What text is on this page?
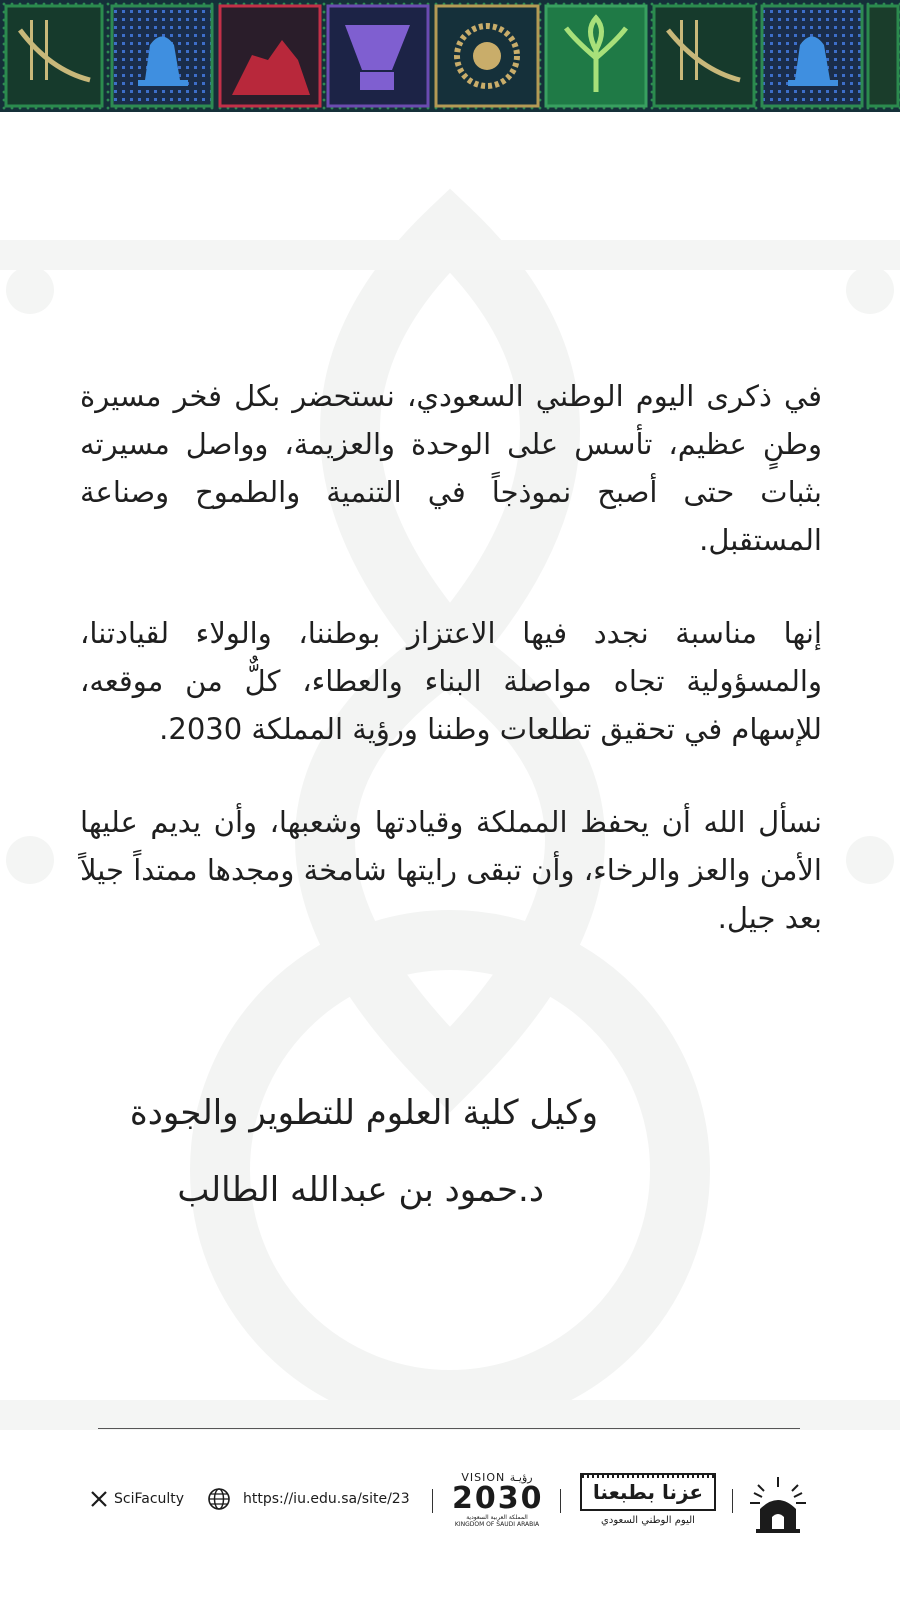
في ذكرى اليوم الوطني السعودي، نستحضر بكل فخر مسيرة وطنٍ عظيم، تأسس على الوحدة والعزيمة، وواصل مسيرته بثبات حتى أصبح نموذجاً في التنمية والطموح وصناعة المستقبل.

إنها مناسبة نجدد فيها الاعتزاز بوطننا، والولاء لقيادتنا، والمسؤولية تجاه مواصلة البناء والعطاء، كلٌّ من موقعه، للإسهام في تحقيق تطلعات وطننا ورؤية المملكة 2030.

نسأل الله أن يحفظ المملكة وقيادتها وشعبها، وأن يديم عليها الأمن والعز والرخاء، وأن تبقى رايتها شامخة ومجدها ممتداً جيلاً بعد جيل.

وكيل كلية العلوم للتطوير والجودة
د.حمود بن عبدالله الطالب
SciFaculty	https://iu.edu.sa/site/23
VISION رؤيـة
2030
المملكة العربية السعودية KINGDOM OF SAUDI ARABIA
عزنا بطبعنا
اليوم الوطني السعودي
